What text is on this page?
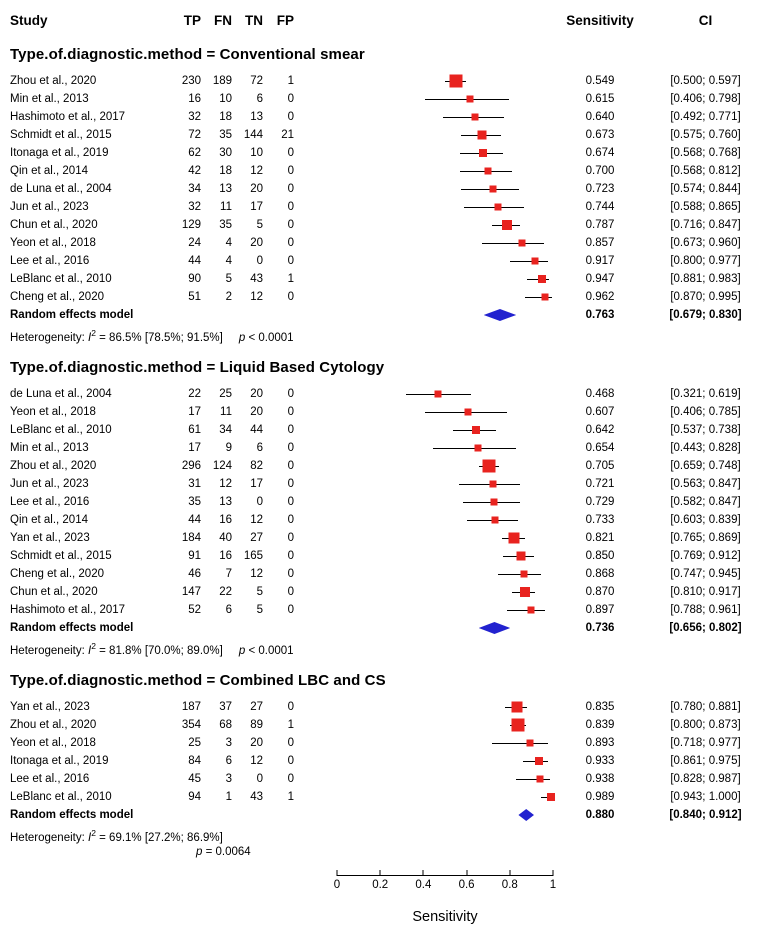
Study	TP FN TN	FP	Sensitivity	CI
Type.of.diagnostic.method = Conventional smear
Zhou et al., 2020	230	189	72	1	0.549	[0.500; 0.597]
Min et al., 2013	16	10	6	0	0.615	[0.406; 0.798]
Hashimoto et al., 2017	32	18	13	0	0.640	[0.492; 0.771]
Schmidt et al., 2015	72	35	144	21	0.673	[0.575; 0.760]
Itonaga et al., 2019	62	30	10	0	0.674	[0.568; 0.768]
Qin et al., 2014	42	18	12	0	0.700	[0.568; 0.812]
de Luna et al., 2004	34	13	20	0	0.723	[0.574; 0.844]
Jun et al., 2023	32	11	17	0	0.744	[0.588; 0.865]
Chun et al., 2020	129	35	5	0	0.787	[0.716; 0.847]
Yeon et al., 2018	24	4	20	0	0.857	[0.673; 0.960]
Lee et al., 2016	44	4	0	0	0.917	[0.800; 0.977]
LeBlanc et al., 2010	90	5	43	1	0.947	[0.881; 0.983]
Cheng et al., 2020	51	2	12	0	0.962	[0.870; 0.995]
Random effects model	0.763	[0.679; 0.830]
Heterogeneity: $I^2 = 86.5\%$ [78.5%; 91.5%] p < 0.0001
Type.of.diagnostic.method = Liquid Based Cytology
de Luna et al., 2004	22	25	20	0	0.468	[0.321; 0.619]
Yeon et al., 2018	17	11	20	0	0.607	[0.406; 0.785]
LeBlanc et al., 2010	61	34	44	0	0.642	[0.537; 0.738]
Min et al., 2013	17	9	6	0	0.654	[0.443; 0.828]
Zhou et al., 2020	296	124	82	0	0.705	[0.659; 0.748]
Jun et al., 2023	31	12	17	0	0.721	[0.563; 0.847]
Lee et al., 2016	35	13	0	0	0.729	[0.582; 0.847]
Qin et al., 2014	44	16	12	0	0.733	[0.603; 0.839]
Yan et al., 2023	184	40	27	0	0.821	[0.765; 0.869]
Schmidt et al., 2015	91	16	165	0	0.850	[0.769; 0.912]
Cheng et al., 2020	46	7	12	0	0.868	[0.747; 0.945]
Chun et al., 2020	147	22	5	0	0.870	[0.810; 0.917]
Hashimoto et al., 2017	52	6	5	0	0.897	[0.788; 0.961]
Random effects model	0.736	[0.656; 0.802]
Heterogeneity: $I^2 = 81.8\%$ [70.0%; 89.0%] p < 0.0001
Type.of.diagnostic.method = Combined LBC and CS
Yan et al., 2023	187	37	27	0	0.835	[0.780; 0.881]
Zhou et al., 2020	354	68	89	1	0.839	[0.800; 0.873]
Yeon et al., 2018	25	3	20	0	0.893	[0.718; 0.977]
Itonaga et al., 2019	84	6	12	0	0.933	[0.861; 0.975]
Lee et al., 2016	45	3	0	0	0.938	[0.828; 0.987]
LeBlanc et al., 2010	94	1	43	1	0.989	[0.943; 1.000]
Random effects model	0.880	[0.840; 0.912]
Heterogeneity: $I^2 = 69.1\%$ [27.2%; 86.9%]
p = 0.0064
0	0.2 0.4 0.6 0.8	1
Sensitivity
